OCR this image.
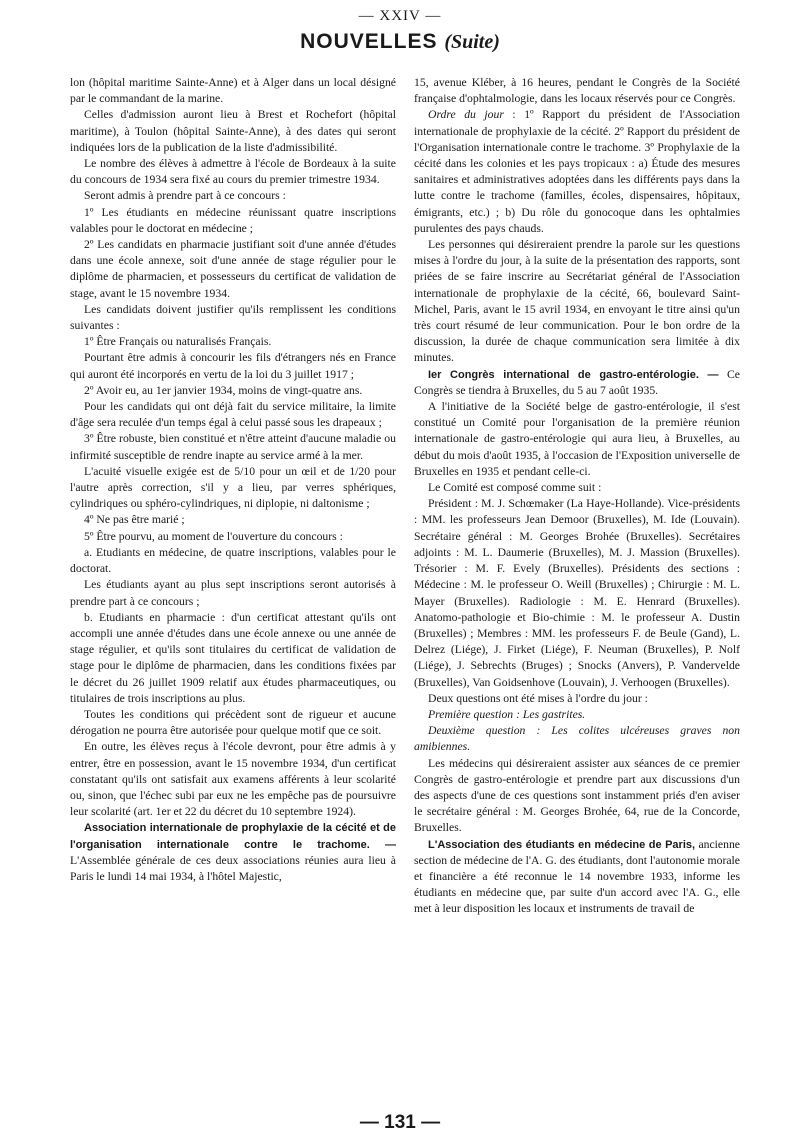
— XXIV —
NOUVELLES (Suite)

lon (hôpital maritime Sainte-Anne) et à Alger dans un local désigné par le commandant de la marine.

Celles d'admission auront lieu à Brest et Rochefort (hôpital maritime), à Toulon (hôpital Sainte-Anne), à des dates qui seront indiquées lors de la publication de la liste d'admissibilité.

Le nombre des élèves à admettre à l'école de Bordeaux à la suite du concours de 1934 sera fixé au cours du premier trimestre 1934.

Seront admis à prendre part à ce concours :

1º Les étudiants en médecine réunissant quatre inscriptions valables pour le doctorat en médecine ;

2º Les candidats en pharmacie justifiant soit d'une année d'études dans une école annexe, soit d'une année de stage régulier pour le diplôme de pharmacien, et possesseurs du certificat de validation de stage, avant le 15 novembre 1934.

Les candidats doivent justifier qu'ils remplissent les conditions suivantes :

1º Être Français ou naturalisés Français.

Pourtant être admis à concourir les fils d'étrangers nés en France qui auront été incorporés en vertu de la loi du 3 juillet 1917 ;

2º Avoir eu, au 1er janvier 1934, moins de vingt-quatre ans.

Pour les candidats qui ont déjà fait du service militaire, la limite d'âge sera reculée d'un temps égal à celui passé sous les drapeaux ;

3º Être robuste, bien constitué et n'être atteint d'aucune maladie ou infirmité susceptible de rendre inapte au service armé à la mer.

L'acuité visuelle exigée est de 5/10 pour un œil et de 1/20 pour l'autre après correction, s'il y a lieu, par verres sphériques, cylindriques ou sphéro-cylindriques, ni diplopie, ni daltonisme ;

4º Ne pas être marié ;

5º Être pourvu, au moment de l'ouverture du concours :

a. Etudiants en médecine, de quatre inscriptions, valables pour le doctorat.

Les étudiants ayant au plus sept inscriptions seront autorisés à prendre part à ce concours ;

b. Etudiants en pharmacie : d'un certificat attestant qu'ils ont accompli une année d'études dans une école annexe ou une année de stage régulier, et qu'ils sont titulaires du certificat de validation de stage pour le diplôme de pharmacien, dans les conditions fixées par le décret du 26 juillet 1909 relatif aux études pharmaceutiques, ou titulaires de trois inscriptions au plus.

Toutes les conditions qui précèdent sont de rigueur et aucune dérogation ne pourra être autorisée pour quelque motif que ce soit.

En outre, les élèves reçus à l'école devront, pour être admis à y entrer, être en possession, avant le 15 novembre 1934, d'un certificat constatant qu'ils ont satisfait aux examens afférents à leur scolarité ou, sinon, que l'échec subi par eux ne les empêche pas de poursuivre leur scolarité (art. 1er et 22 du décret du 10 septembre 1924).

Association internationale de prophylaxie de la cécité et de l'organisation internationale contre le trachome. — L'Assemblée générale de ces deux associations réunies aura lieu à Paris le lundi 14 mai 1934, à l'hôtel Majestic,

15, avenue Kléber, à 16 heures, pendant le Congrès de la Société française d'ophtalmologie, dans les locaux réservés pour ce Congrès.

Ordre du jour : 1º Rapport du président de l'Association internationale de prophylaxie de la cécité. 2º Rapport du président de l'Organisation internationale contre le trachome. 3º Prophylaxie de la cécité dans les colonies et les pays tropicaux : a) Étude des mesures sanitaires et administratives adoptées dans les différents pays dans la lutte contre le trachome (familles, écoles, dispensaires, hôpitaux, émigrants, etc.) ; b) Du rôle du gonocoque dans les ophtalmies purulentes des pays chauds.

Les personnes qui désireraient prendre la parole sur les questions mises à l'ordre du jour, à la suite de la présentation des rapports, sont priées de se faire inscrire au Secrétariat général de l'Association internationale de prophylaxie de la cécité, 66, boulevard Saint-Michel, Paris, avant le 15 avril 1934, en envoyant le titre ainsi qu'un très court résumé de leur communication. Pour le bon ordre de la discussion, la durée de chaque communication sera limitée à dix minutes.

Ier Congrès international de gastro-entérologie. — Ce Congrès se tiendra à Bruxelles, du 5 au 7 août 1935.

A l'initiative de la Société belge de gastro-entérologie, il s'est constitué un Comité pour l'organisation de la première réunion internationale de gastro-entérologie qui aura lieu, à Bruxelles, au début du mois d'août 1935, à l'occasion de l'Exposition universelle de Bruxelles en 1935 et pendant celle-ci.

Le Comité est composé comme suit :

Président : M. J. Schœmaker (La Haye-Hollande). Vice-présidents : MM. les professeurs Jean Demoor (Bruxelles), M. Ide (Louvain). Secrétaire général : M. Georges Brohée (Bruxelles). Secrétaires adjoints : M. L. Daumerie (Bruxelles), M. J. Massion (Bruxelles). Trésorier : M. F. Evely (Bruxelles). Présidents des sections : Médecine : M. le professeur O. Weill (Bruxelles) ; Chirurgie : M. L. Mayer (Bruxelles). Radiologie : M. E. Henrard (Bruxelles). Anatomo-pathologie et Bio-chimie : M. le professeur A. Dustin (Bruxelles) ; Membres : MM. les professeurs F. de Beule (Gand), L. Delrez (Liége), J. Firket (Liége), F. Neuman (Bruxelles), P. Nolf (Liége), J. Sebrechts (Bruges) ; Snocks (Anvers), P. Vandervelde (Bruxelles), Van Goidsenhove (Louvain), J. Verhoogen (Bruxelles).

Deux questions ont été mises à l'ordre du jour :

Première question : Les gastrites.

Deuxième question : Les colites ulcéreuses graves non amibiennes.

Les médecins qui désireraient assister aux séances de ce premier Congrès de gastro-entérologie et prendre part aux discussions d'un des aspects d'une de ces questions sont instamment priés d'en aviser le secrétaire général : M. Georges Brohée, 64, rue de la Concorde, Bruxelles.

L'Association des étudiants en médecine de Paris, ancienne section de médecine de l'A. G. des étudiants, dont l'autonomie morale et financière a été reconnue le 14 novembre 1933, informe les étudiants en médecine que, par suite d'un accord avec l'A. G., elle met à leur disposition les locaux et instruments de travail de

— 131 —
